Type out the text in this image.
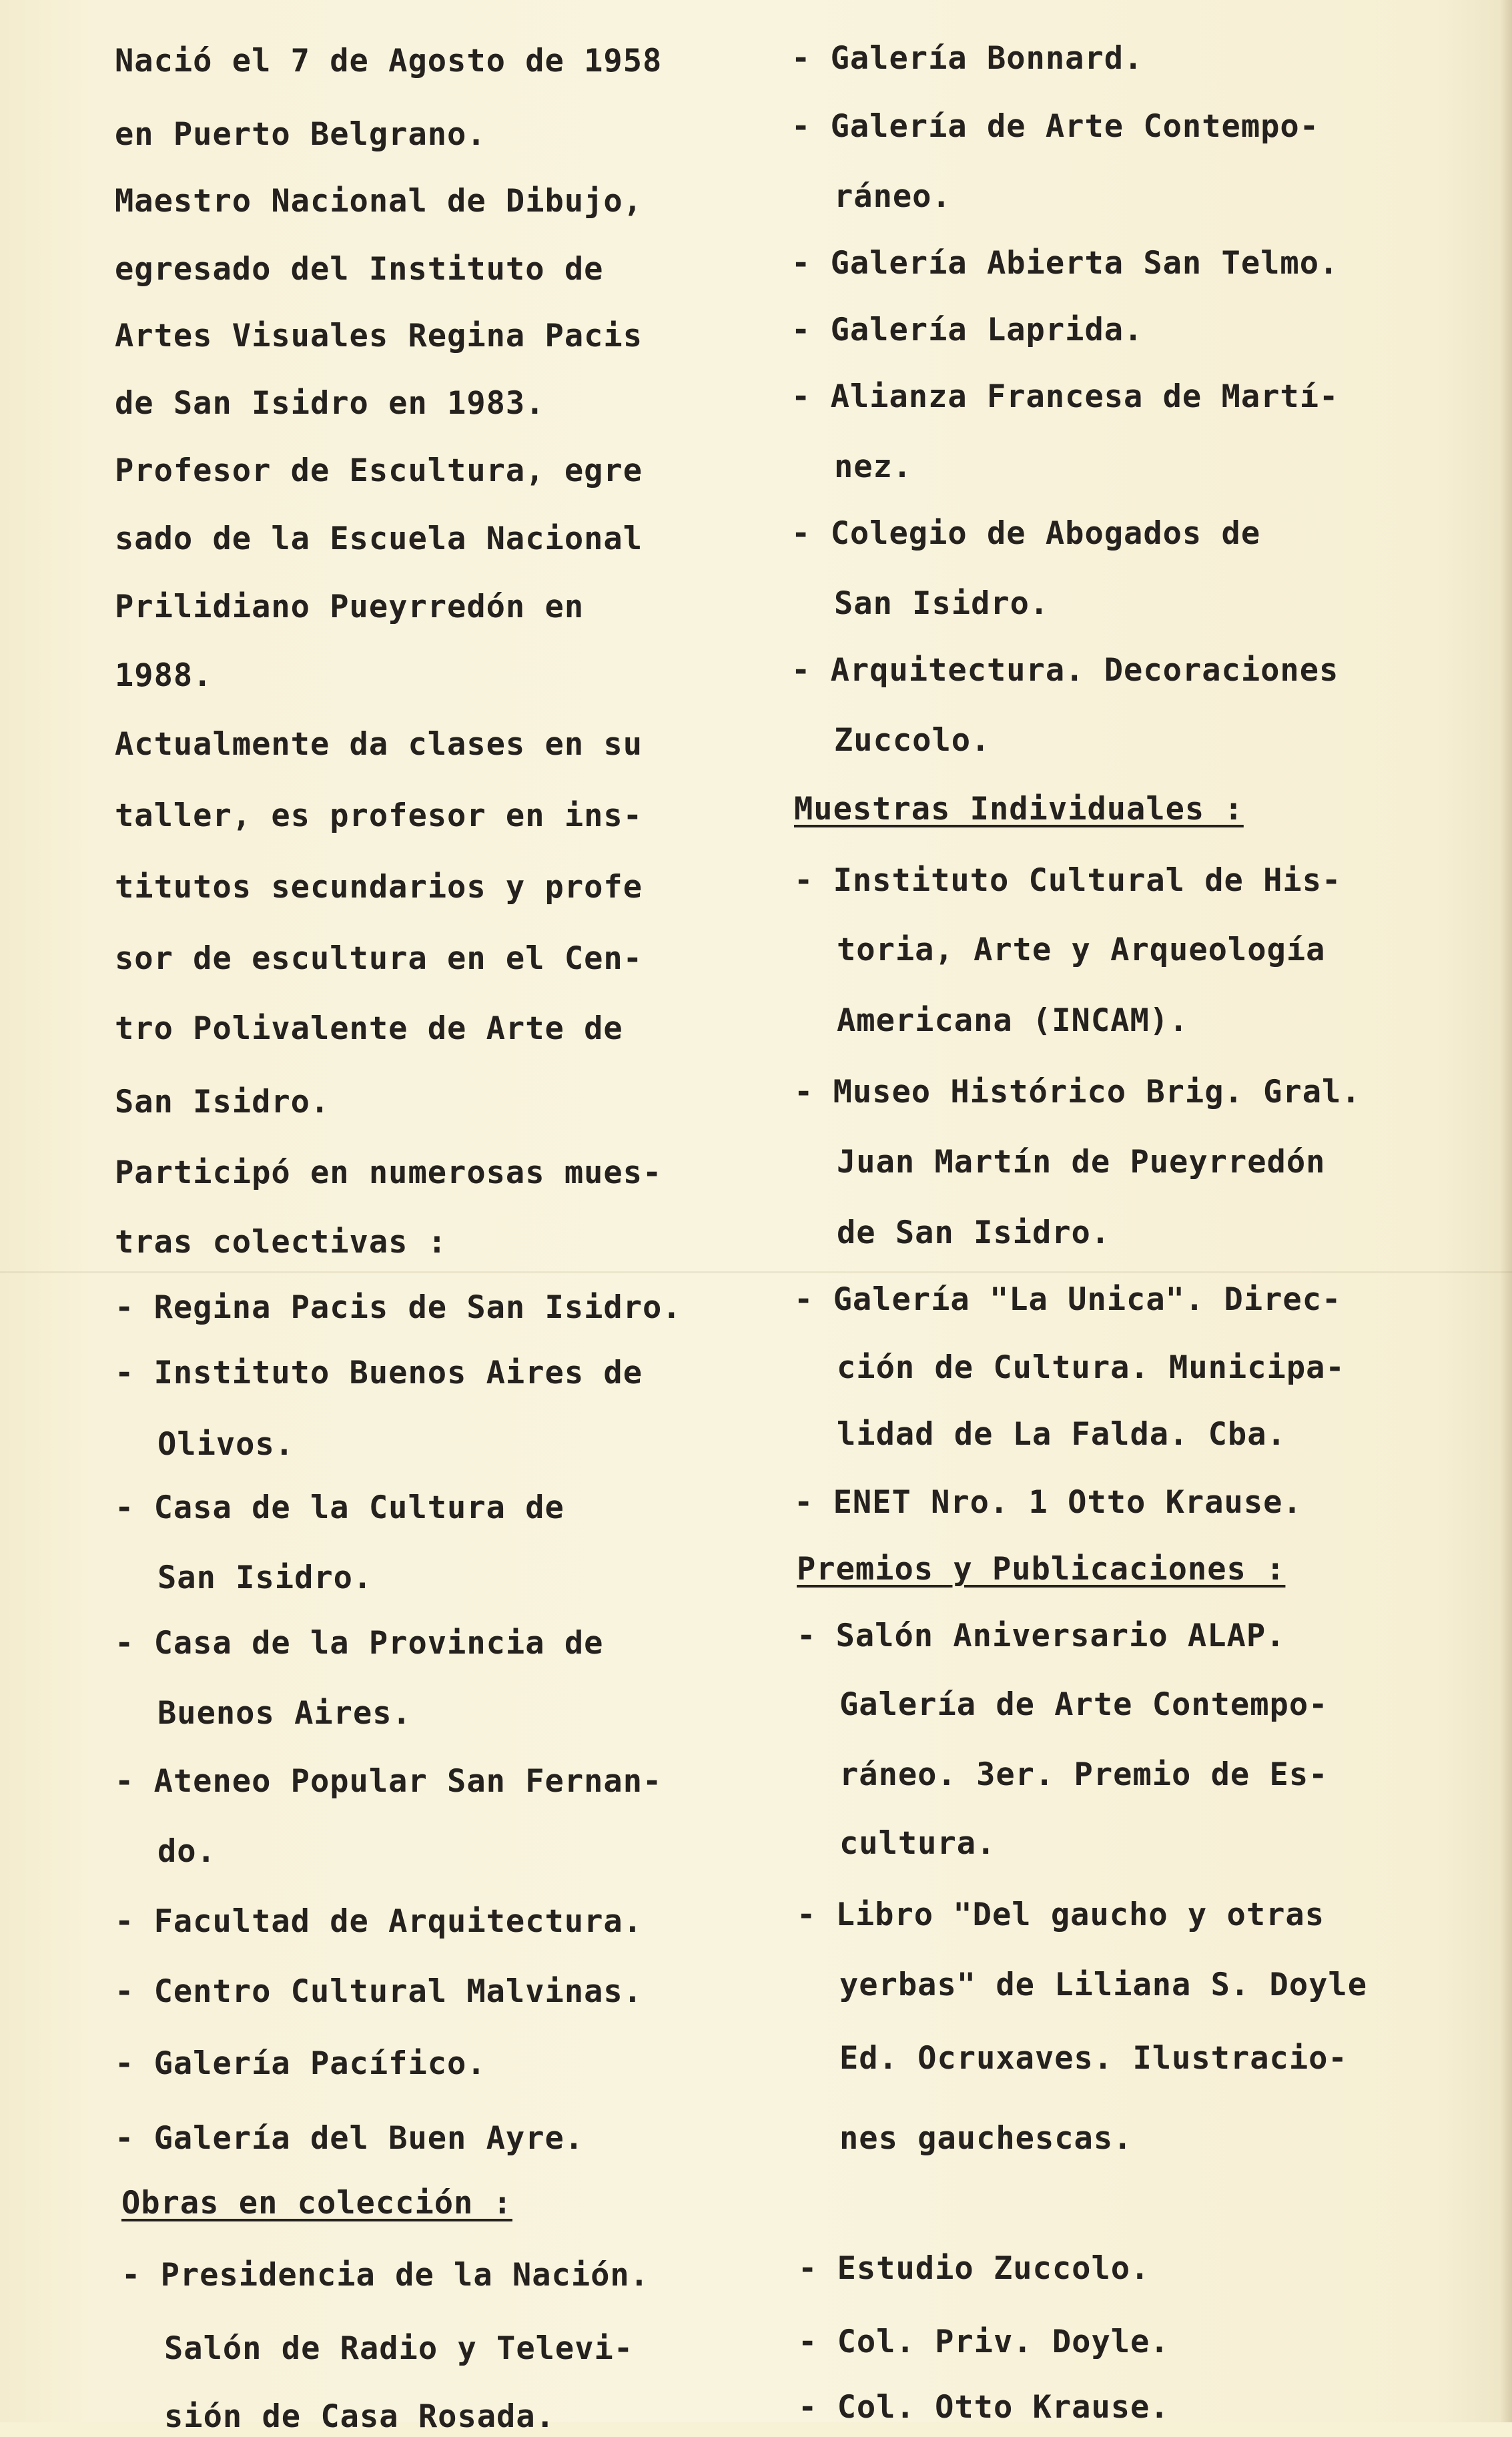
Nació el 7 de Agosto de 1958
en Puerto Belgrano.
Maestro Nacional de Dibujo,
egresado del Instituto de
Artes Visuales Regina Pacis
de San Isidro en 1983.
Profesor de Escultura, egre
sado de la Escuela Nacional
Prilidiano Pueyrredón en
1988.
Actualmente da clases en su
taller, es profesor en ins-
titutos secundarios y profe
sor de escultura en el Cen-
tro Polivalente de Arte de
San Isidro.
Participó en numerosas mues-
tras colectivas :
- Regina Pacis de San Isidro.
- Instituto Buenos Aires de
Olivos.
- Casa de la Cultura de
San Isidro.
- Casa de la Provincia de
Buenos Aires.
- Ateneo Popular San Fernan-
do.
- Facultad de Arquitectura.
- Centro Cultural Malvinas.
- Galería Pacífico.
- Galería del Buen Ayre.
Obras en colección :
- Presidencia de la Nación.
Salón de Radio y Televi-
sión de Casa Rosada.
- Galería Bonnard.
- Galería de Arte Contempo-
ráneo.
- Galería Abierta San Telmo.
- Galería Laprida.
- Alianza Francesa de Martí-
nez.
- Colegio de Abogados de
San Isidro.
- Arquitectura. Decoraciones
Zuccolo.
Muestras Individuales :
- Instituto Cultural de His-
toria, Arte y Arqueología
Americana (INCAM).
- Museo Histórico Brig. Gral.
Juan Martín de Pueyrredón
de San Isidro.
- Galería "La Unica". Direc-
ción de Cultura. Municipa-
lidad de La Falda. Cba.
- ENET Nro. 1 Otto Krause.
Premios y Publicaciones :
- Salón Aniversario ALAP.
Galería de Arte Contempo-
ráneo. 3er. Premio de Es-
cultura.
- Libro "Del gaucho y otras
yerbas" de Liliana S. Doyle
Ed. Ocruxaves. Ilustracio-
nes gauchescas.
- Estudio Zuccolo.
- Col. Priv. Doyle.
- Col. Otto Krause.
